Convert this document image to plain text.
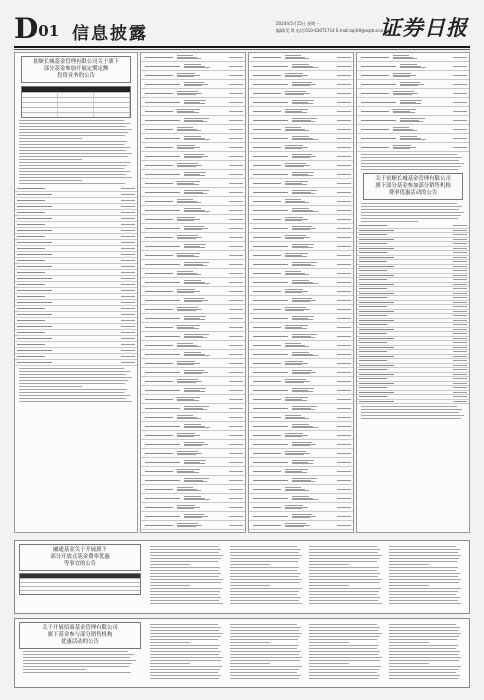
D01 信息披露
2024年5月15日 星期一
编辑/美 琪 电话:010-63071714 E-mail:zqrb9@zqrb.sina.net
证券日报
景顺长城基金管理有限公司关于旗下
部分基金参加开展定期定额
投资业务的公告
关于景顺长城基金管理有限公司
旗下部分基金参加部分销售机构
费率优惠活动的公告
融通基金关于开展旗下
部分开放式基金费率优惠
等事宜的公告
关于开展招商基金管理有限公司
旗下基金参与部分销售机构
优惠活动的公告
